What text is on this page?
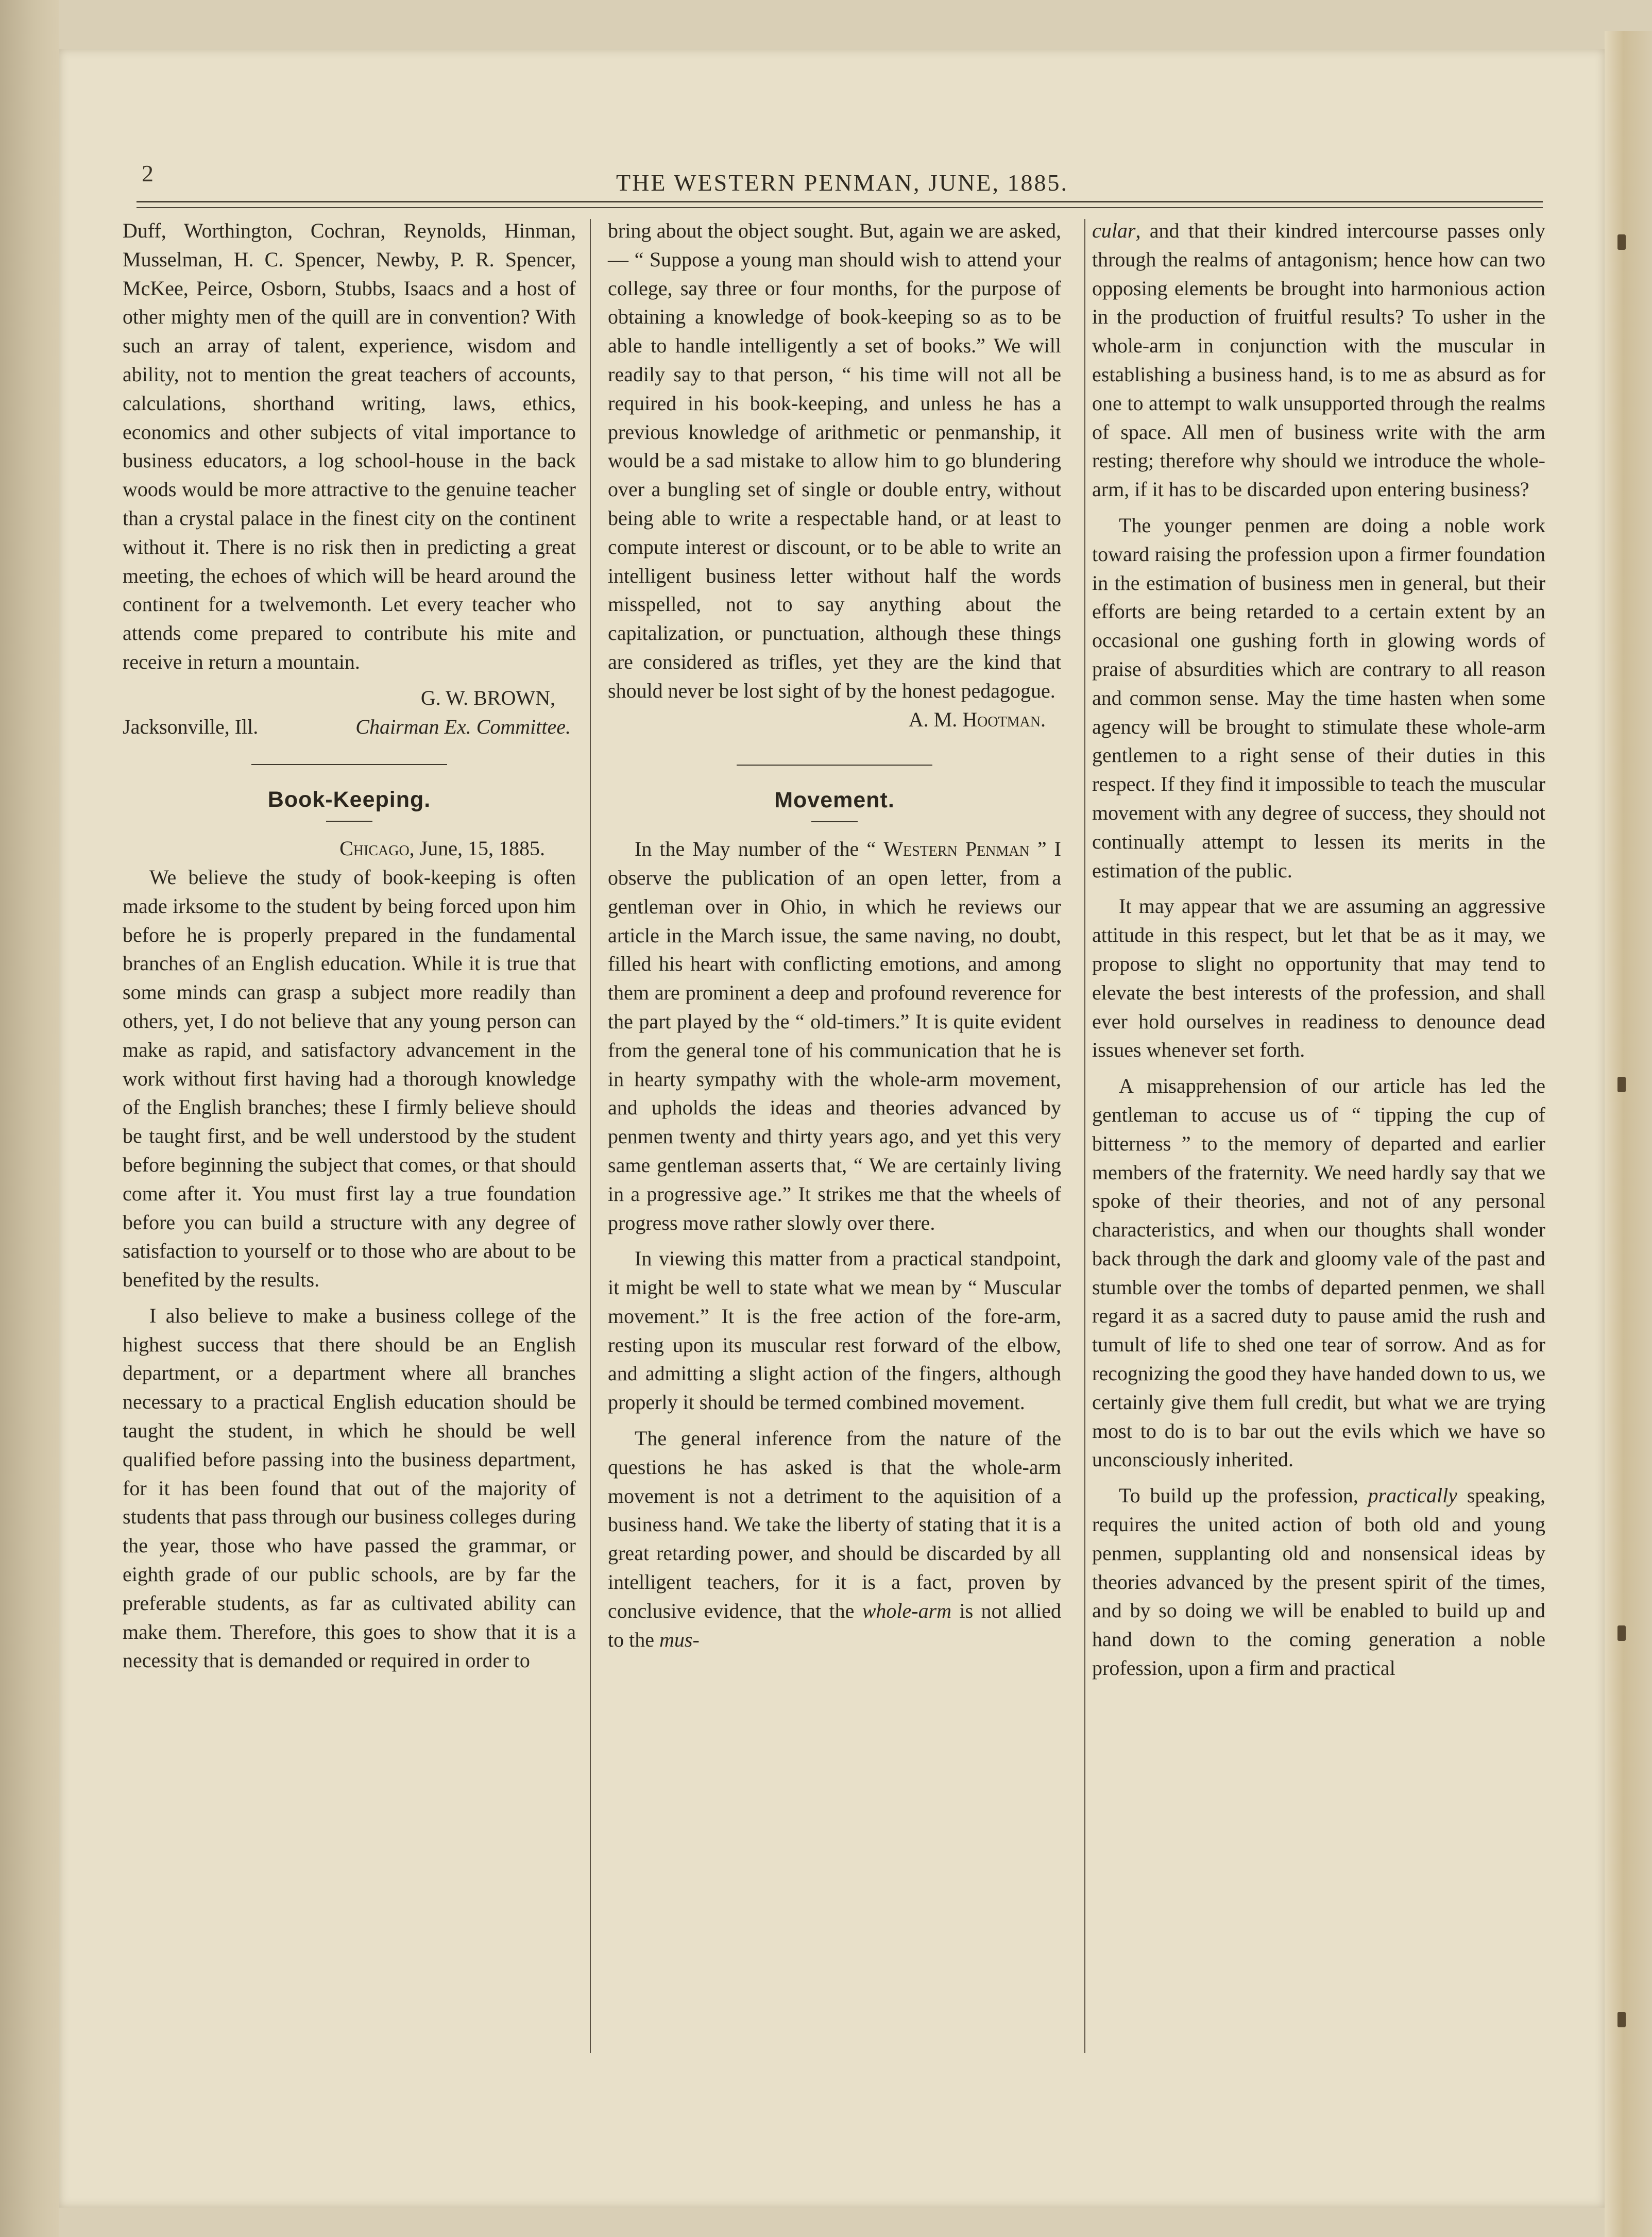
2	THE WESTERN PENMAN, JUNE, 1885.

Duff, Worthington, Cochran, Reynolds, Hinman, Musselman, H. C. Spencer, Newby, P. R. Spencer, McKee, Peirce, Osborn, Stubbs, Isaacs and a host of other mighty men of the quill are in convention? With such an array of talent, experience, wisdom and ability, not to mention the great teachers of accounts, calculations, shorthand writing, laws, ethics, economics and other subjects of vital importance to business educators, a log school-house in the back woods would be more attractive to the genuine teacher than a crystal palace in the finest city on the continent without it. There is no risk then in predicting a great meeting, the echoes of which will be heard around the continent for a twelvemonth. Let every teacher who attends come prepared to contribute his mite and receive in return a mountain.

G. W. BROWN,

Chairman Ex. Committee.

Jacksonville, Ill.

Book-Keeping.

Chicago, June, 15, 1885.

We believe the study of book-keeping is often made irksome to the student by being forced upon him before he is properly prepared in the fundamental branches of an English education. While it is true that some minds can grasp a subject more readily than others, yet, I do not believe that any young person can make as rapid, and satisfactory advancement in the work without first having had a thorough knowledge of the English branches; these I firmly believe should be taught first, and be well understood by the student before beginning the subject that comes, or that should come after it. You must first lay a true foundation before you can build a structure with any degree of satisfaction to yourself or to those who are about to be benefited by the results.

I also believe to make a business college of the highest success that there should be an English department, or a department where all branches necessary to a practical English education should be taught the student, in which he should be well qualified before passing into the business department, for it has been found that out of the majority of students that pass through our business colleges during the year, those who have passed the grammar, or eighth grade of our public schools, are by far the preferable students, as far as cultivated ability can make them. Therefore, this goes to show that it is a necessity that is demanded or required in order to

bring about the object sought. But, again we are asked, — “ Suppose a young man should wish to attend your college, say three or four months, for the purpose of obtaining a knowledge of book-keeping so as to be able to handle intelligently a set of books.” We will readily say to that person, “ his time will not all be required in his book-keeping, and unless he has a previous knowledge of arithmetic or penmanship, it would be a sad mistake to allow him to go blundering over a bungling set of single or double entry, without being able to write a respectable hand, or at least to compute interest or discount, or to be able to write an intelligent business letter without half the words misspelled, not to say anything about the capitalization, or punctuation, although these things are considered as trifles, yet they are the kind that should never be lost sight of by the honest pedagogue.

A. M. Hootman.

Movement.

In the May number of the “ Western Penman ” I observe the publication of an open letter, from a gentleman over in Ohio, in which he reviews our article in the March issue, the same naving, no doubt, filled his heart with conflicting emotions, and among them are prominent a deep and profound reverence for the part played by the “ old-timers.” It is quite evident from the general tone of his communication that he is in hearty sympathy with the whole-arm movement, and upholds the ideas and theories advanced by penmen twenty and thirty years ago, and yet this very same gentleman asserts that, “ We are certainly living in a progressive age.” It strikes me that the wheels of progress move rather slowly over there.

In viewing this matter from a practical standpoint, it might be well to state what we mean by “ Muscular movement.” It is the free action of the fore-arm, resting upon its muscular rest forward of the elbow, and admitting a slight action of the fingers, although properly it should be termed combined movement.

The general inference from the nature of the questions he has asked is that the whole-arm movement is not a detriment to the aquisition of a business hand. We take the liberty of stating that it is a great retarding power, and should be discarded by all intelligent teachers, for it is a fact, proven by conclusive evidence, that the whole-arm is not allied to the mus-

cular, and that their kindred intercourse passes only through the realms of antagonism; hence how can two opposing elements be brought into harmonious action in the production of fruitful results? To usher in the whole-arm in conjunction with the muscular in establishing a business hand, is to me as absurd as for one to attempt to walk unsupported through the realms of space. All men of business write with the arm resting; therefore why should we introduce the whole-arm, if it has to be discarded upon entering business?

The younger penmen are doing a noble work toward raising the profession upon a firmer foundation in the estimation of business men in general, but their efforts are being retarded to a certain extent by an occasional one gushing forth in glowing words of praise of absurdities which are contrary to all reason and common sense. May the time hasten when some agency will be brought to stimulate these whole-arm gentlemen to a right sense of their duties in this respect. If they find it impossible to teach the muscular movement with any degree of success, they should not continually attempt to lessen its merits in the estimation of the public.

It may appear that we are assuming an aggressive attitude in this respect, but let that be as it may, we propose to slight no opportunity that may tend to elevate the best interests of the profession, and shall ever hold ourselves in readiness to denounce dead issues whenever set forth.

A misapprehension of our article has led the gentleman to accuse us of “ tipping the cup of bitterness ” to the memory of departed and earlier members of the fraternity. We need hardly say that we spoke of their theories, and not of any personal characteristics, and when our thoughts shall wonder back through the dark and gloomy vale of the past and stumble over the tombs of departed penmen, we shall regard it as a sacred duty to pause amid the rush and tumult of life to shed one tear of sorrow. And as for recognizing the good they have handed down to us, we certainly give them full credit, but what we are trying most to do is to bar out the evils which we have so unconsciously inherited.

To build up the profession, practically speaking, requires the united action of both old and young penmen, supplanting old and nonsensical ideas by theories advanced by the present spirit of the times, and by so doing we will be enabled to build up and hand down to the coming generation a noble profession, upon a firm and practical
